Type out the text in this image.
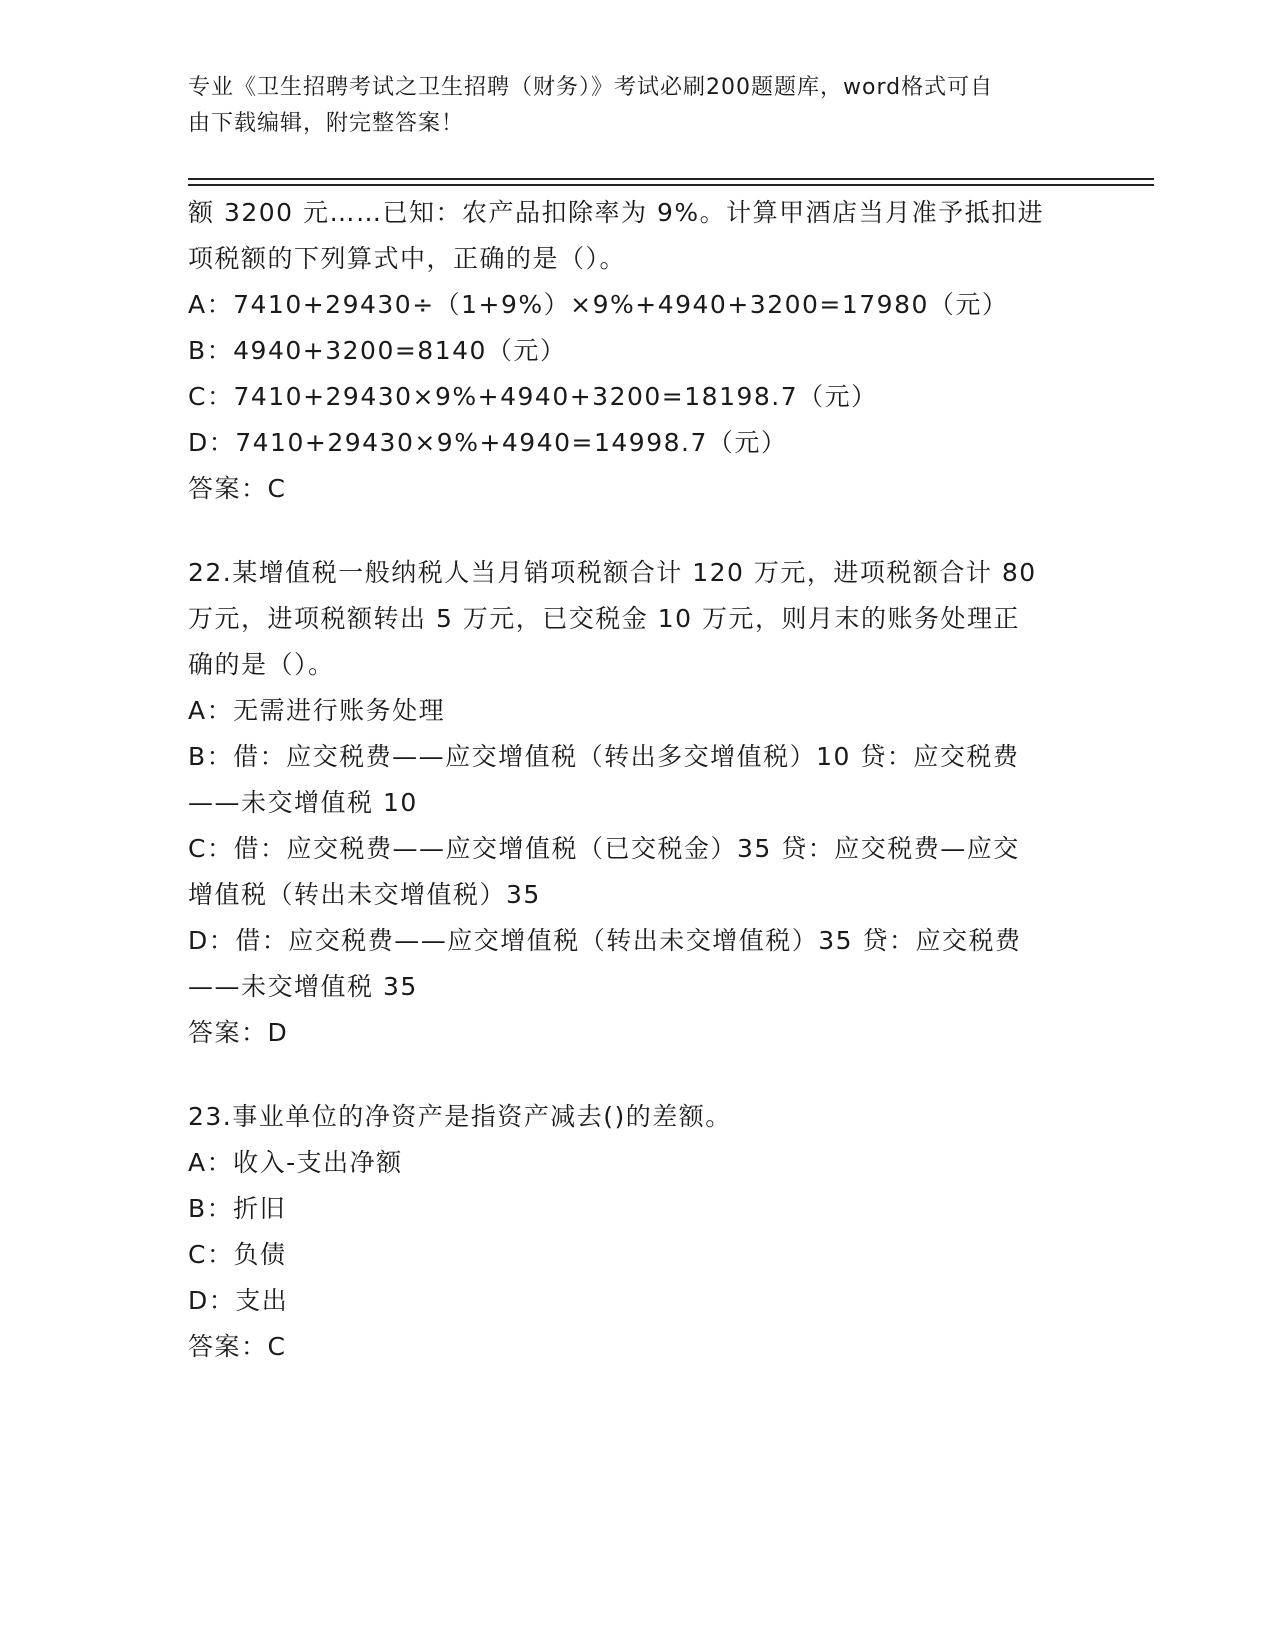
专业《卫生招聘考试之卫生招聘（财务）》考试必刷200题题库，word格式可自
由下载编辑，附完整答案！
额 3200 元……已知：农产品扣除率为 9%。计算甲酒店当月准予抵扣进
项税额的下列算式中，正确的是（）。
A：7410+29430÷（1+9%）×9%+4940+3200=17980（元）
B：4940+3200=8140（元）
C：7410+29430×9%+4940+3200=18198.7（元）
D：7410+29430×9%+4940=14998.7（元）
答案：C
22.某增值税一般纳税人当月销项税额合计 120 万元，进项税额合计 80
万元，进项税额转出 5 万元，已交税金 10 万元，则月末的账务处理正
确的是（）。
A：无需进行账务处理
B：借：应交税费——应交增值税（转出多交增值税）10 贷：应交税费
——未交增值税 10
C：借：应交税费——应交增值税（已交税金）35 贷：应交税费—应交
增值税（转出未交增值税）35
D：借：应交税费——应交增值税（转出未交增值税）35 贷：应交税费
——未交增值税 35
答案：D
23.事业单位的净资产是指资产减去()的差额。
A：收入-支出净额
B：折旧
C：负债
D：支出
答案：C
